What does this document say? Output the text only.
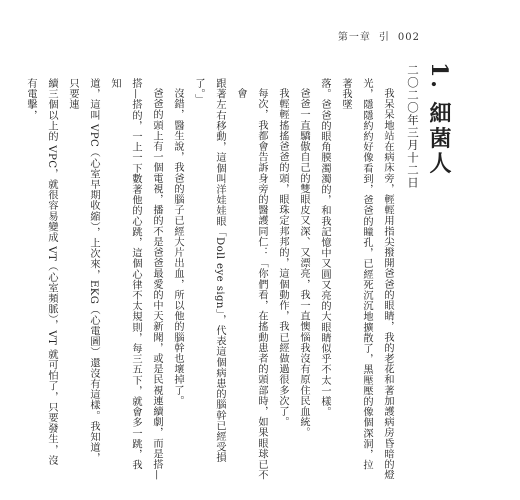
第一章 引 002
1. 細菌人
二〇二〇年三月十二日

我呆呆地站在病床旁，輕輕用指尖撥開爸爸的眼睛，我的老花和著加護病房昏暗的燈

光，隱隱約約好像看到，爸爸的瞳孔，已經死沉沉地擴散了，黑壓壓的像個深洞，拉著我墜

落。爸爸的眼角膜濁濁的，和我記憶中又圓又亮的大眼睛似乎不太一樣。

爸爸一直驕傲自己的雙眼皮又深、又漂亮，我一直懊惱我沒有原住民血統。

我輕輕搖搖爸爸的頭，眼珠定邦邦的，這個動作，我已經做過很多次了。

每次，我都會告訴身旁的醫護同仁：「你們看，在搖動患者的頭部時，如果眼球已不會

跟著左右移動，這個叫洋娃娃眼「Doll eye sign」，代表這個病患的腦幹已經受損了。」

沒錯，醫生說，我爸的腦子已經大片出血，所以他的腦幹也壞掉了。

爸爸的頭上有一個電視，播的不是爸爸最愛的中天新聞，或是民視連續劇，而是搭—

搭—搭的，一上一下數著他的心跳，這個心律不太規則，每三五下，就會多一跳，我知

道，這叫 VPC（心室早期收縮），上次來，EKG（心電圖）還沒有這樣。我知道，只要連

續三個以上的 VPC，就很容易變成 VT（心室頻脈），VT 就可怕了，只要發生，沒有電擊，
